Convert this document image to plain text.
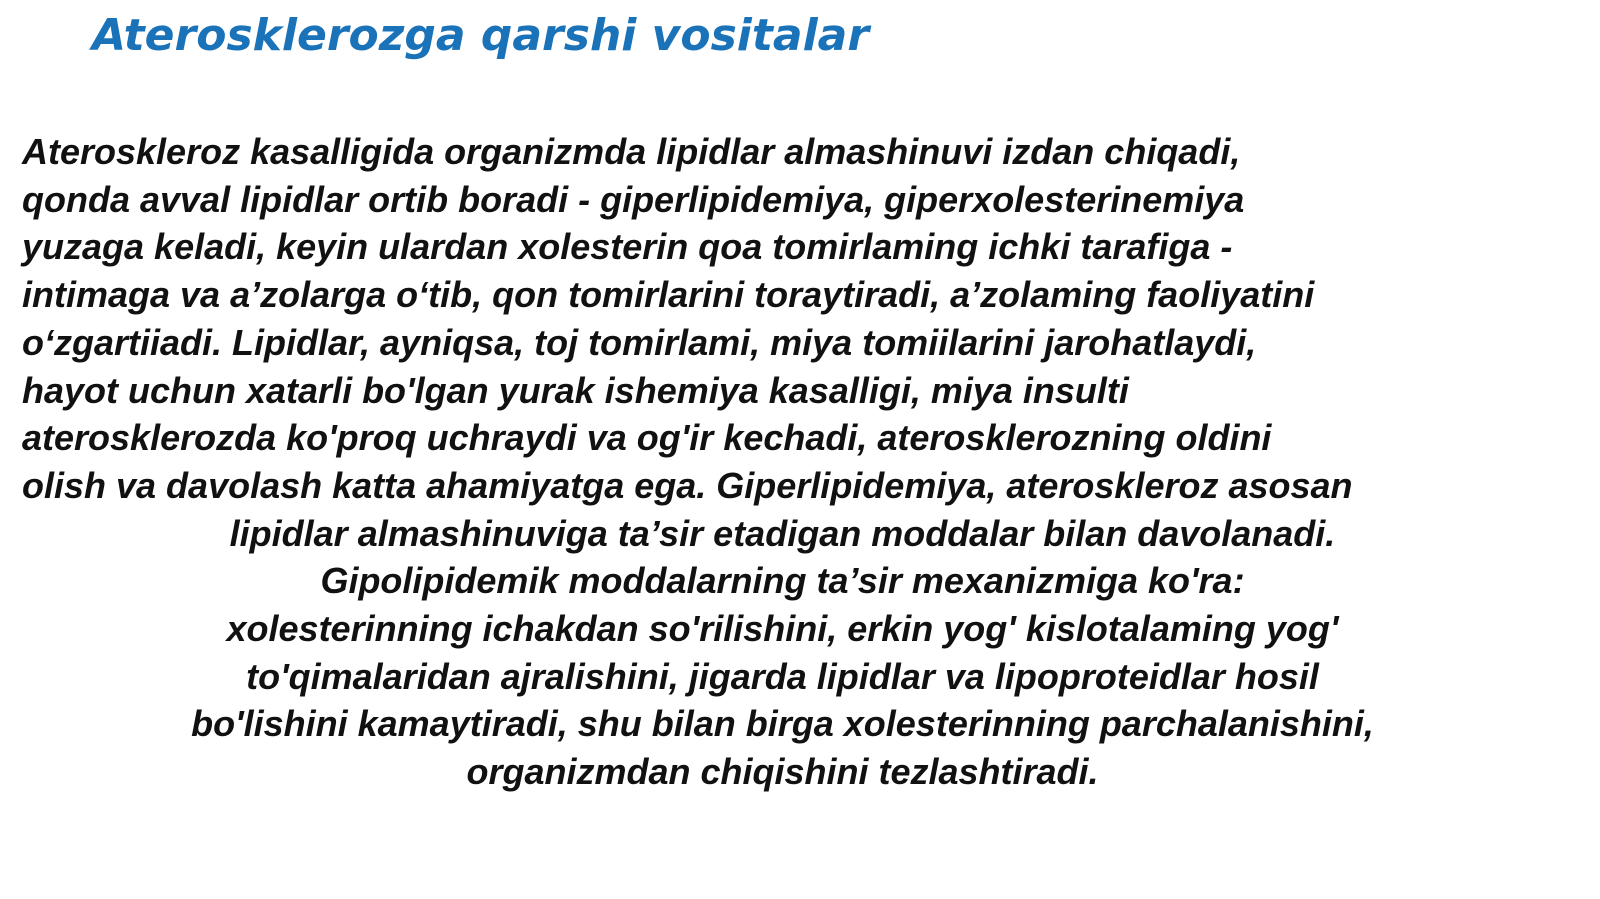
Aterosklerozga qarshi vositalar
Ateroskleroz kasalligida organizmda lipidlar almashinuvi izdan chiqadi,
qonda avval lipidlar ortib boradi - giperlipidemiya, giperxolesterinemiya
yuzaga keladi, keyin ulardan xolesterin qoa tomirlaming ichki tarafiga -
intimaga va a’zolarga o‘tib, qon tomirlarini toraytiradi, a’zolaming faoliyatini
o‘zgartiiadi. Lipidlar, ayniqsa, toj tomirlami, miya tomiilarini jarohatlaydi,
hayot uchun xatarli bo'lgan yurak ishemiya kasalligi, miya insulti
aterosklerozda ko'proq uchraydi va og'ir kechadi, aterosklerozning oldini
olish va davolash katta ahamiyatga ega. Giperlipidemiya, ateroskleroz asosan
lipidlar almashinuviga ta’sir etadigan moddalar bilan davolanadi.
Gipolipidemik moddalarning ta’sir mexanizmiga ko'ra:
xolesterinning ichakdan so'rilishini, erkin yog' kislotalaming yog'
to'qimalaridan ajralishini, jigarda lipidlar va lipoproteidlar hosil
bo'lishini kamaytiradi, shu bilan birga xolesterinning parchalanishini,
organizmdan chiqishini tezlashtiradi.
